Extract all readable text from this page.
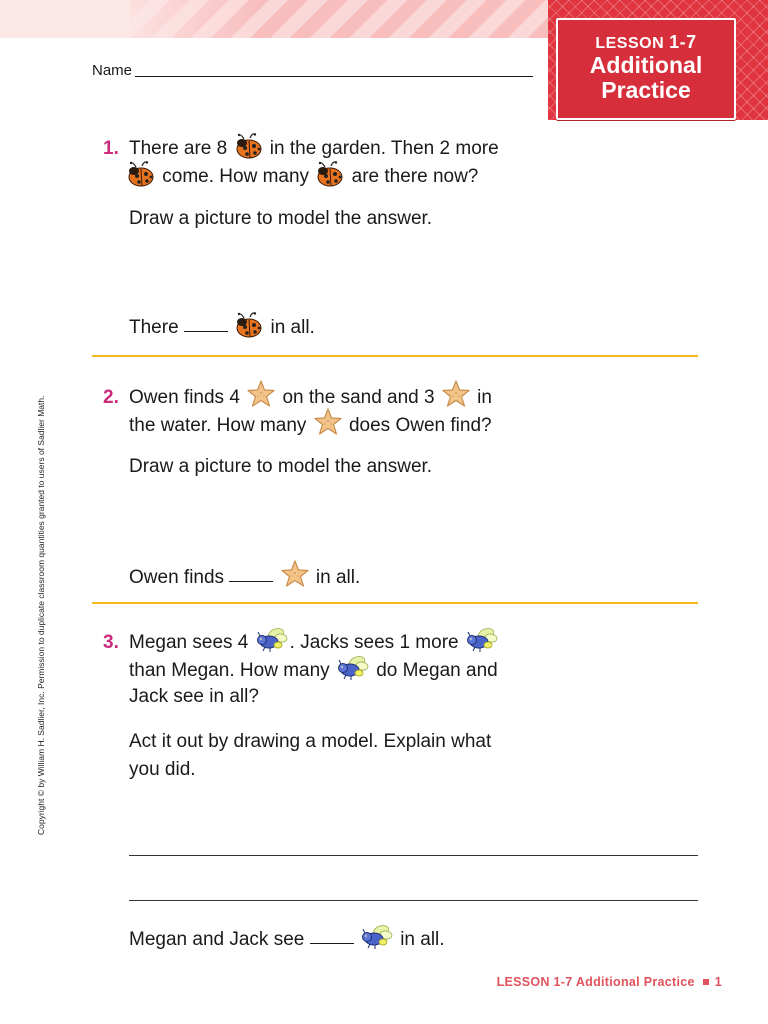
LESSON 1-7
Additional
Practice
Name
1. There are 8 in the garden. Then 2 more
come. How many are there now?
Draw a picture to model the answer.
There	in all.
2. Owen finds 4 on the sand and 3 in
the water. How many does Owen find?
Draw a picture to model the answer.
Owen finds	in all.
3. Megan sees 4 . Jacks sees 1 more
than Megan. How many do Megan and
Jack see in all?
Act it out by drawing a model. Explain what
you did.
Megan and Jack see	in all.
Copyright © by William H. Sadlier, Inc. Permission to duplicate classroom quantities granted to users of Sadlier Math.
LESSON 1-7 Additional Practice 1
